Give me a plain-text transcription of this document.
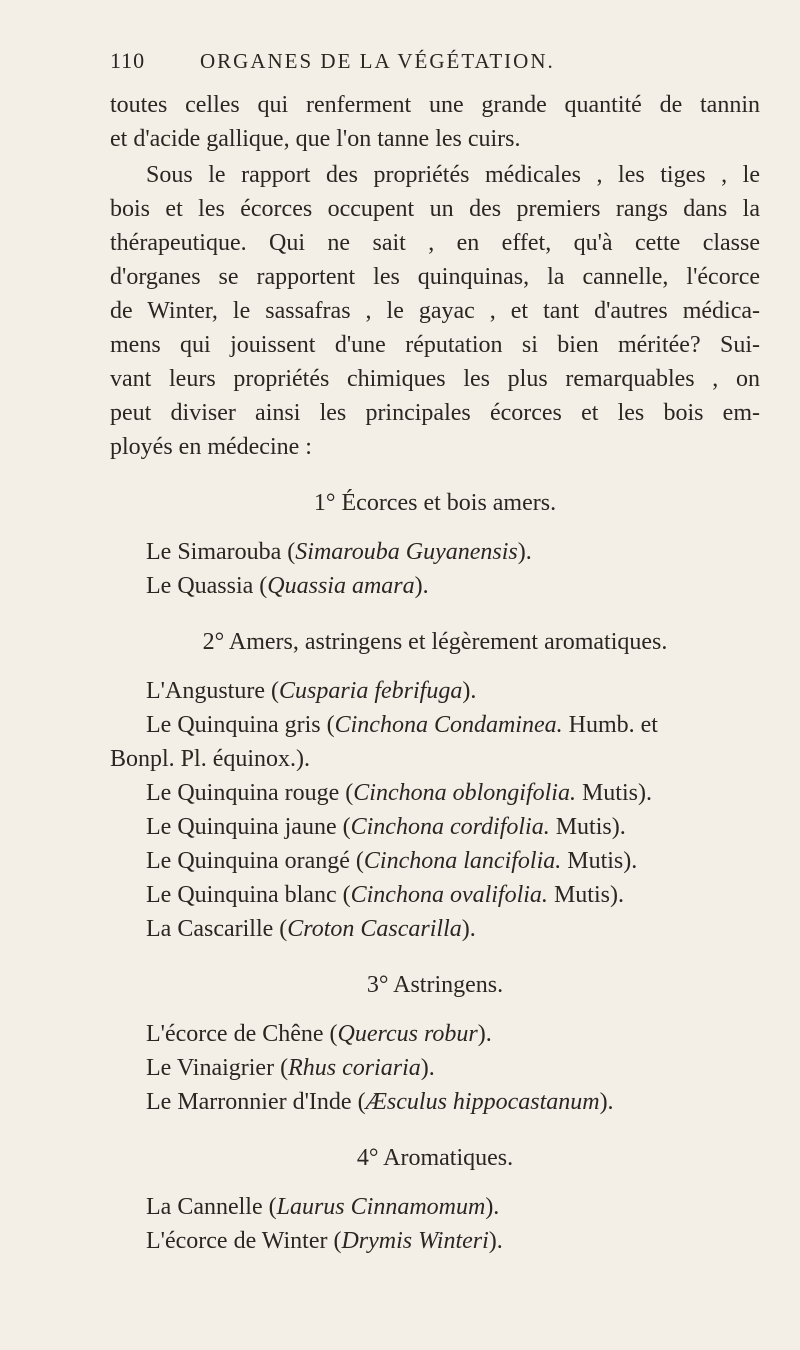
110	ORGANES DE LA VÉGÉTATION.
toutes celles qui renferment une grande quantité de tannin
et d'acide gallique, que l'on tanne les cuirs.
Sous le rapport des propriétés médicales , les tiges , le
bois et les écorces occupent un des premiers rangs dans la
thérapeutique. Qui ne sait , en effet, qu'à cette classe
d'organes se rapportent les quinquinas, la cannelle, l'écorce
de Winter, le sassafras , le gayac , et tant d'autres médica-
mens qui jouissent d'une réputation si bien méritée? Sui-
vant leurs propriétés chimiques les plus remarquables , on
peut diviser ainsi les principales écorces et les bois em-
ployés en médecine :
1° Écorces et bois amers.
Le Simarouba (Simarouba Guyanensis).
Le Quassia (Quassia amara).
2° Amers, astringens et légèrement aromatiques.
L'Angusture (Cusparia febrifuga).
Le Quinquina gris (Cinchona Condaminea. Humb. et
Bonpl. Pl. équinox.).
Le Quinquina rouge (Cinchona oblongifolia. Mutis).
Le Quinquina jaune (Cinchona cordifolia. Mutis).
Le Quinquina orangé (Cinchona lancifolia. Mutis).
Le Quinquina blanc (Cinchona ovalifolia. Mutis).
La Cascarille (Croton Cascarilla).
3° Astringens.
L'écorce de Chêne (Quercus robur).
Le Vinaigrier (Rhus coriaria).
Le Marronnier d'Inde (Æsculus hippocastanum).
4° Aromatiques.
La Cannelle (Laurus Cinnamomum).
L'écorce de Winter (Drymis Winteri).
